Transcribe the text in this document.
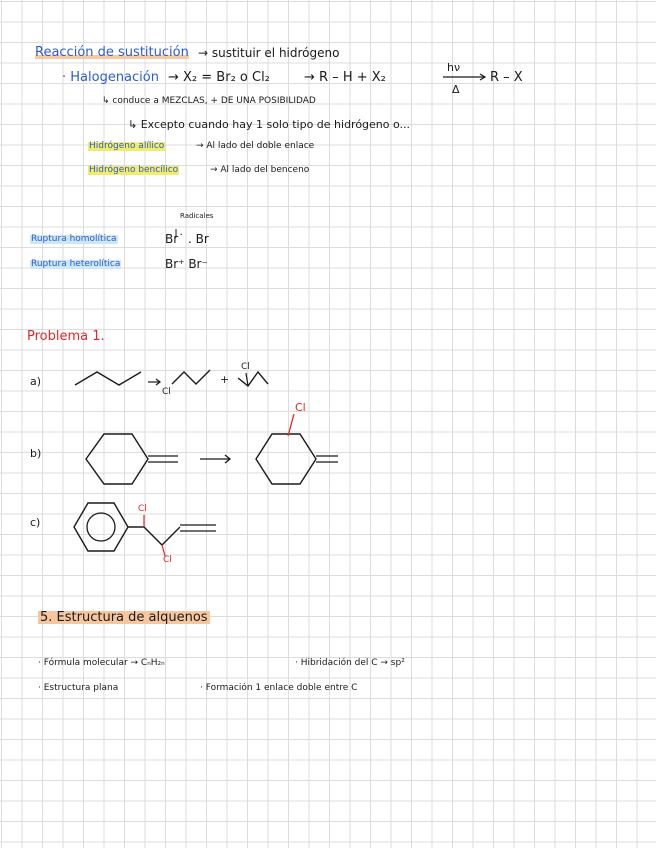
Reacción de sustitución → sustituir el hidrógeno
· Halogenación → X₂ = Br₂ o Cl₂	→ R – H + X₂
hν
Δ
R – X
↳ conduce a MEZCLAS, + DE UNA POSIBILIDAD
↳ Excepto cuando hay 1 solo tipo de hidrógeno o...
Hidrógeno alílico	→ Al lado del doble enlace
Hidrógeno bencílico	→ Al lado del benceno
Radicales
Ruptura homolítica	Br˙ . Br
Ruptura heterolítica	Br⁺ Br⁻
Problema 1.
a)
b)
c)
Cl
Cl
+
Cl
Cl
Cl
5. Estructura de alquenos
· Fórmula molecular → CₙH₂ₙ	· Hibridación del C → sp²
· Estructura plana	· Formación 1 enlace doble entre C
